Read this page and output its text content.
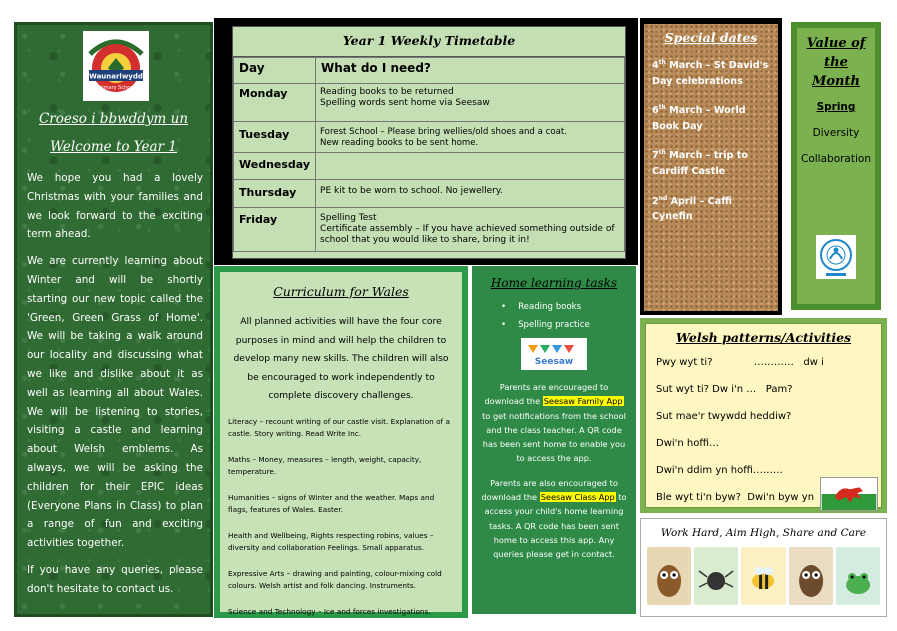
Waunarlwydd
Primary School
Croeso i bbwddym un
Welcome to Year 1

We hope you had a lovely Christmas with your families and we look forward to the exciting term ahead.

We are currently learning about Winter and will be shortly starting our new topic called the 'Green, Green Grass of Home'. We will be taking a walk around our locality and discussing what we like and dislike about it as well as learning all about Wales. We will be listening to stories, visiting a castle and learning about Welsh emblems. As always, we will be asking the children for their EPIC ideas (Everyone Plans in Class) to plan a range of fun and exciting activities together.

If you have any queries, please don't hesitate to contact us.

Year 1 Weekly Timetable
Day	What do I need?
Monday	Reading books to be returned
Spelling words sent home via Seesaw

Tuesday	Forest School – Please bring wellies/old shoes and a coat.
New reading books to be sent home.

Wednesday	

Thursday	PE kit to be worn to school. No jewellery.

Friday	Spelling Test
Certificate assembly – If you have achieved something outside of school that you would like to share, bring it in!
Special dates
4th March – St David's Day celebrations
6th March – World Book Day
7th March – trip to Cardiff Castle
2nd April – Caffi Cynefin
Value of
the
Month
Spring
Diversity
Collaboration
Curriculum for Wales
All planned activities will have the four core purposes in mind and will help the children to develop many new skills. The children will also be encouraged to work independently to complete discovery challenges.
Literacy – recount writing of our castle visit. Explanation of a castle. Story writing. Read Write Inc.
Maths – Money, measures – length, weight, capacity, temperature.
Humanities – signs of Winter and the weather. Maps and flags, features of Wales. Easter.
Health and Wellbeing, Rights respecting robins, values – diversity and collaboration Feelings. Small apparatus.
Expressive Arts – drawing and painting, colour-mixing cold colours. Welsh artist and folk dancing. Instruments.
Science and Technology – Ice and forces investigations.
Home learning tasks
• Reading books
• Spelling practice
Seesaw
Parents are encouraged to download the Seesaw Family App to get notifications from the school and the class teacher. A QR code has been sent home to enable you to access the app.
Parents are also encouraged to download the Seesaw Class App to access your child's home learning tasks. A QR code has been sent home to access this app. Any queries please get in contact.
Welsh patterns/Activities
Pwy wyt ti?             …………   dw i
Sut wyt ti? Dw i'n …   Pam?
Sut mae'r twywdd heddiw?
Dwi'n hoffi…
Dwi'n ddim yn hoffi………
Ble wyt ti'n byw?  Dwi'n byw yn
Work Hard, Aim High, Share and Care
